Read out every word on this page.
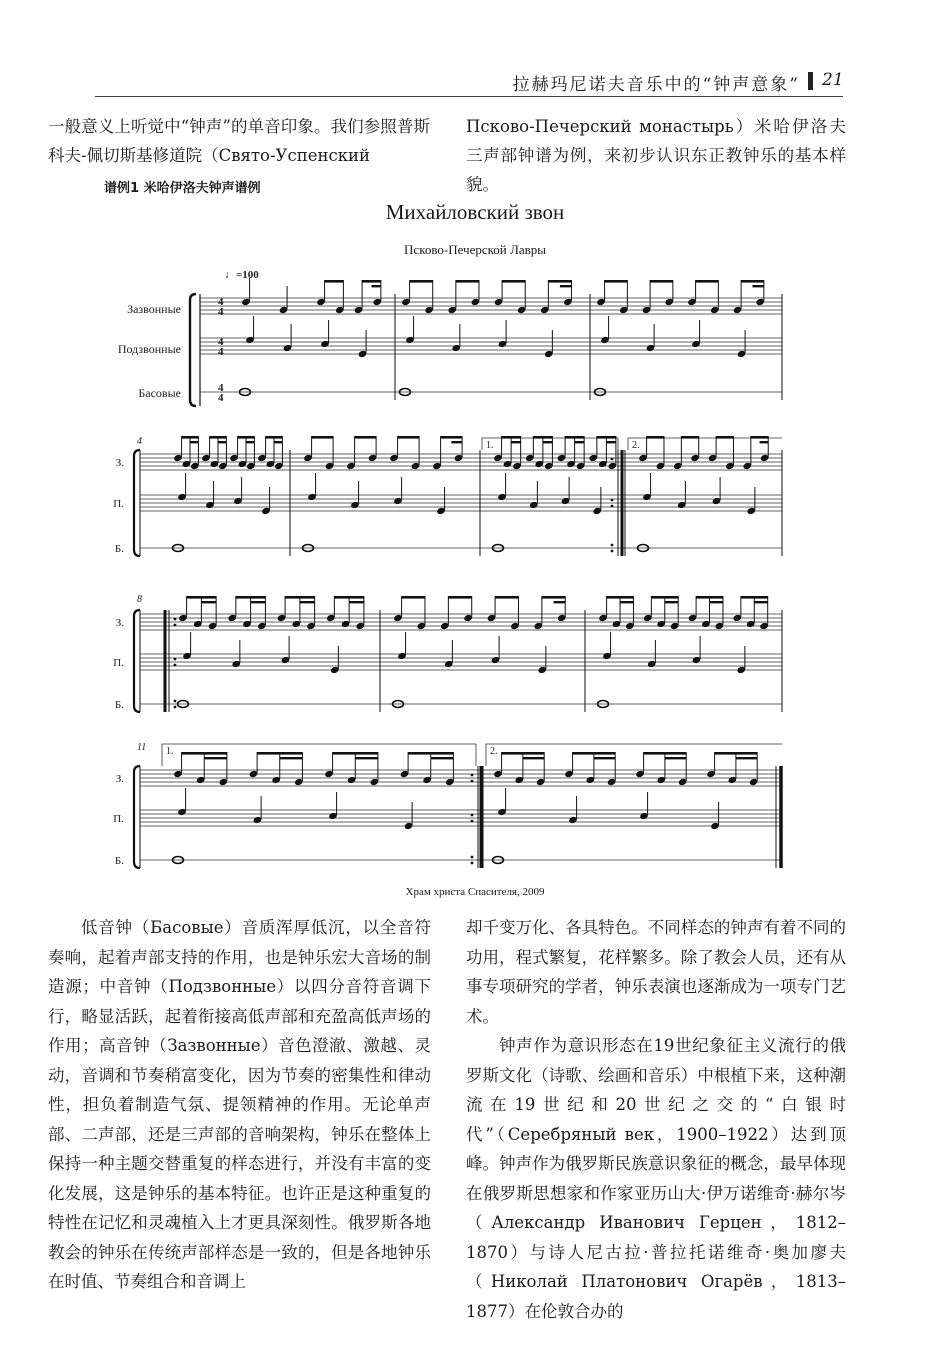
拉赫玛尼诺夫音乐中的“钟声意象” 21

一般意义上听觉中“钟声”的单音印象。我们参照普斯科夫-佩切斯基修道院（Свято-Успенский

Псково-Печерский монастырь）米哈伊洛夫三声部钟谱为例，来初步认识东正教钟乐的基本样貌。

谱例1 米哈伊洛夫钟声谱例
Михайловский звон
Псково-Печерской Лавры
♩=100
Зазвонные
Подзвонные
Басовые
4
4
4
4
4
4
4
З.
П.
Б.
1.	2.
8
З.
П.
Б.
11
З.
П.
Б.
1.	2.
Храм христа Спасителя, 2009

低音钟（Басовые）音质浑厚低沉，以全音符奏响，起着声部支持的作用，也是钟乐宏大音场的制造源；中音钟（Подзвонные）以四分音符音调下行，略显活跃，起着衔接高低声部和充盈高低声场的作用；高音钟（Зазвонные）音色澄澈、激越、灵动，音调和节奏稍富变化，因为节奏的密集性和律动性，担负着制造气氛、提领精神的作用。无论单声部、二声部，还是三声部的音响架构，钟乐在整体上保持一种主题交替重复的样态进行，并没有丰富的变化发展，这是钟乐的基本特征。也许正是这种重复的特性在记忆和灵魂植入上才更具深刻性。俄罗斯各地教会的钟乐在传统声部样态是一致的，但是各地钟乐在时值、节奏组合和音调上

却千变万化、各具特色。不同样态的钟声有着不同的功用，程式繁复，花样繁多。除了教会人员，还有从事专项研究的学者，钟乐表演也逐渐成为一项专门艺术。

钟声作为意识形态在19世纪象征主义流行的俄罗斯文化（诗歌、绘画和音乐）中根植下来，这种潮流在19世纪和20世纪之交的“白银时代”（Серебряный век，1900–1922）达到顶峰。钟声作为俄罗斯民族意识象征的概念，最早体现在俄罗斯思想家和作家亚历山大·伊万诺维奇·赫尔岑（Александр Иванович Герцен，1812–1870）与诗人尼古拉·普拉托诺维奇·奥加廖夫（Николай Платонович Огарёв，1813–1877）在伦敦合办的
